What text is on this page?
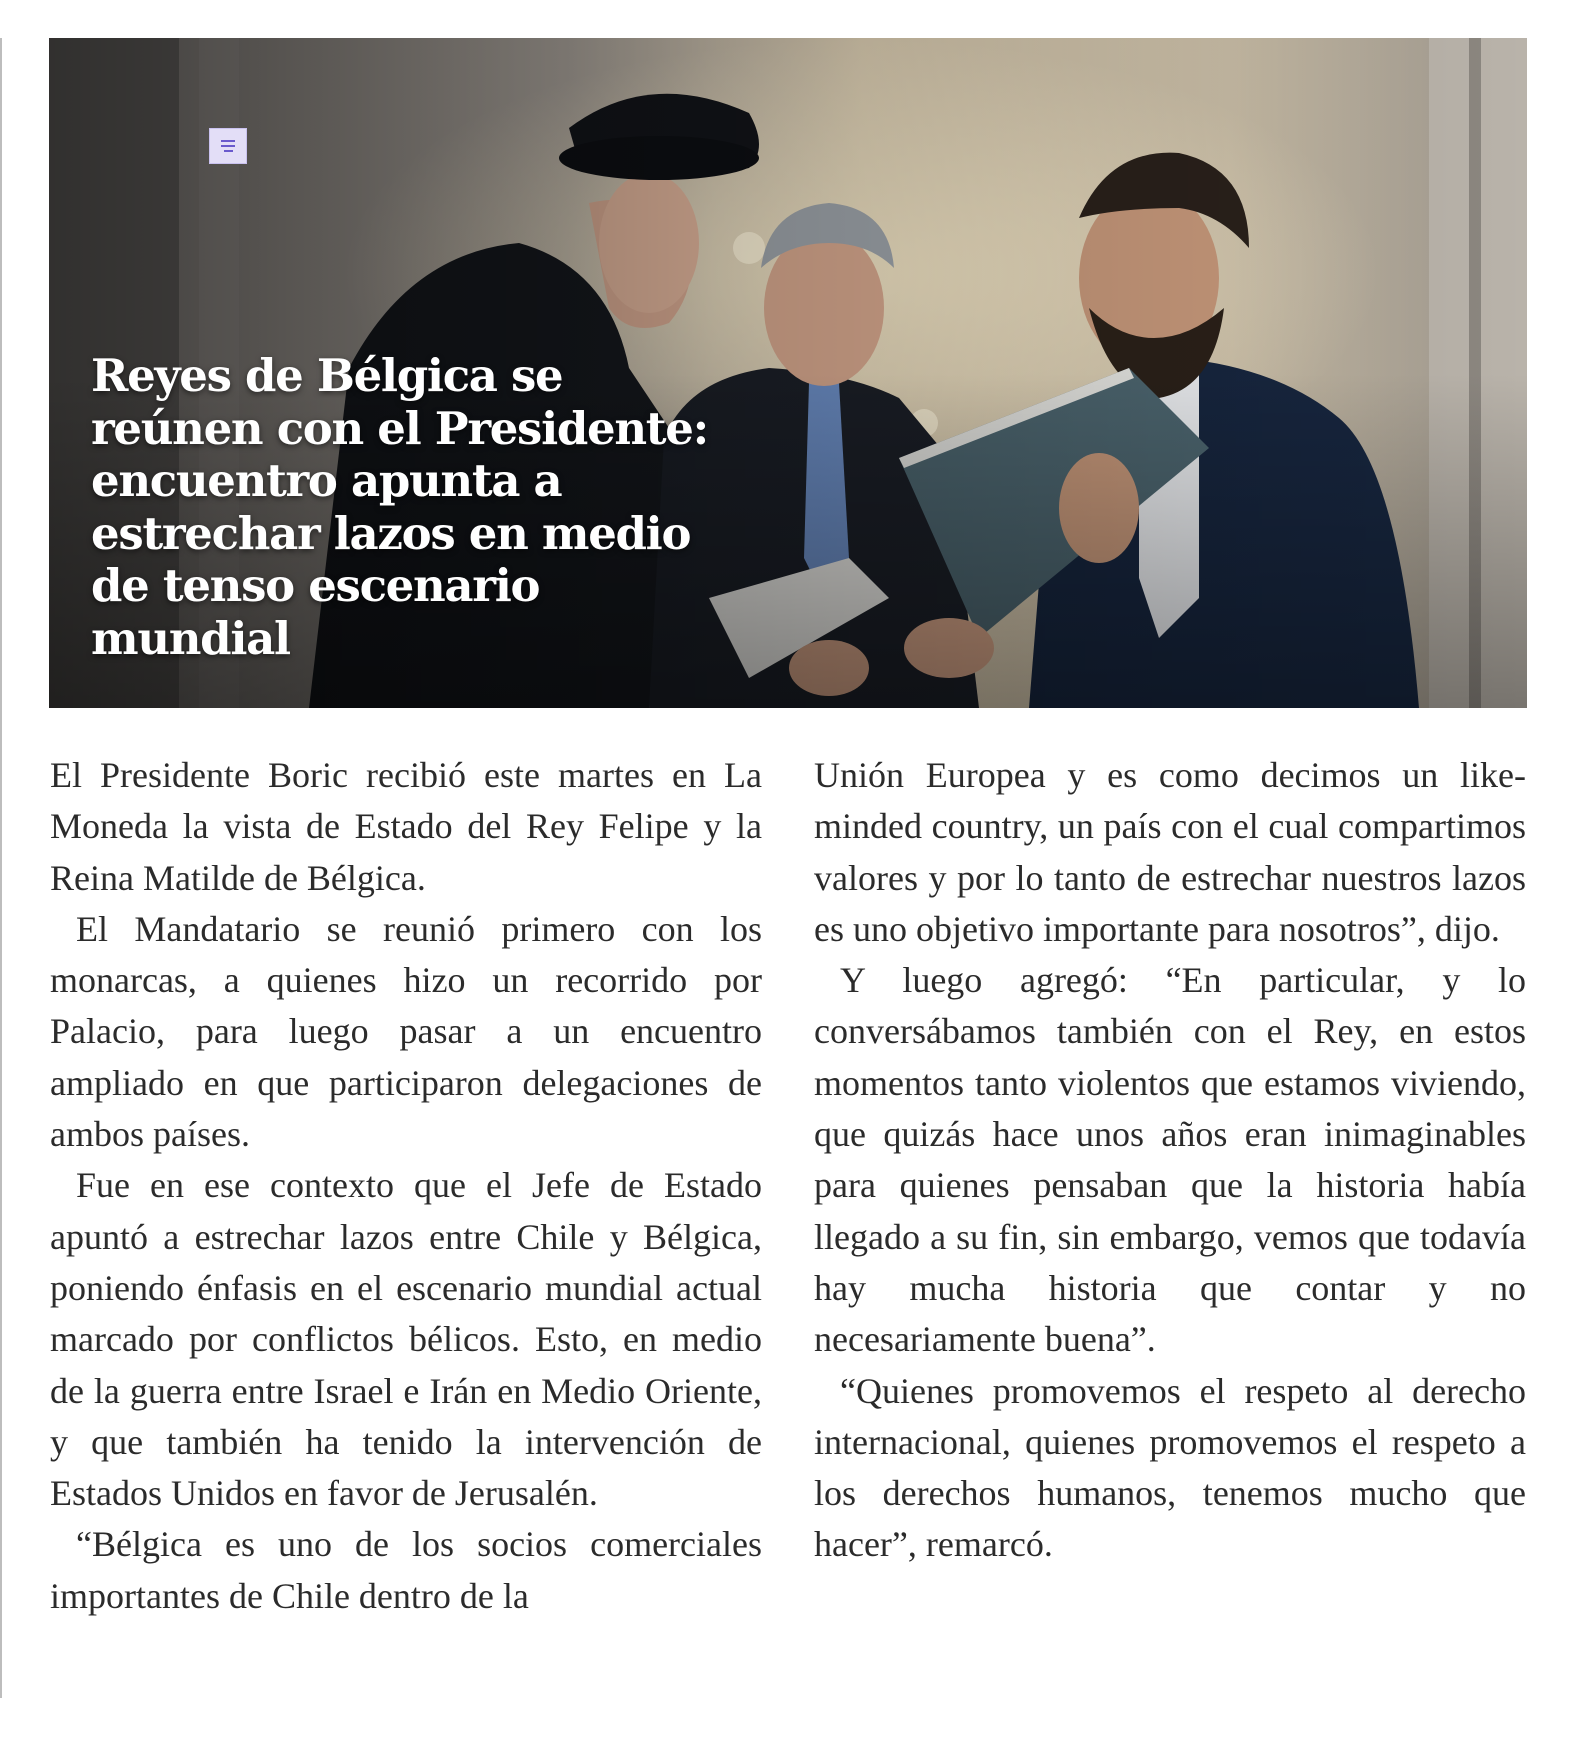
Reyes de Bélgica se reúnen con el Presidente: encuentro apunta a estrechar lazos en medio de tenso escenario mundial

El Presidente Boric recibió este martes en La Moneda la vista de Estado del Rey Felipe y la Reina Matilde de Bélgica.

El Mandatario se reunió primero con los monarcas, a quienes hizo un recorrido por Palacio, para luego pasar a un encuentro ampliado en que participaron delegaciones de ambos países.

Fue en ese contexto que el Jefe de Estado apuntó a estrechar lazos entre Chile y Bélgica, poniendo énfasis en el escenario mundial actual marcado por conflictos bélicos. Esto, en medio de la guerra entre Israel e Irán en Medio Oriente, y que también ha tenido la intervención de Estados Unidos en favor de Jerusalén.

“Bélgica es uno de los socios comerciales importantes de Chile dentro de la

Unión Europea y es como decimos un like-minded country, un país con el cual compartimos valores y por lo tanto de estrechar nuestros lazos es uno objetivo importante para nosotros”, dijo.

Y luego agregó: “En particular, y lo conversábamos también con el Rey, en estos momentos tanto violentos que estamos viviendo, que quizás hace unos años eran inimaginables para quienes pensaban que la historia había llegado a su fin, sin embargo, vemos que todavía hay mucha historia que contar y no necesariamente buena”.

“Quienes promovemos el respeto al derecho internacional, quienes promovemos el respeto a los derechos humanos, tenemos mucho que hacer”, remarcó.
